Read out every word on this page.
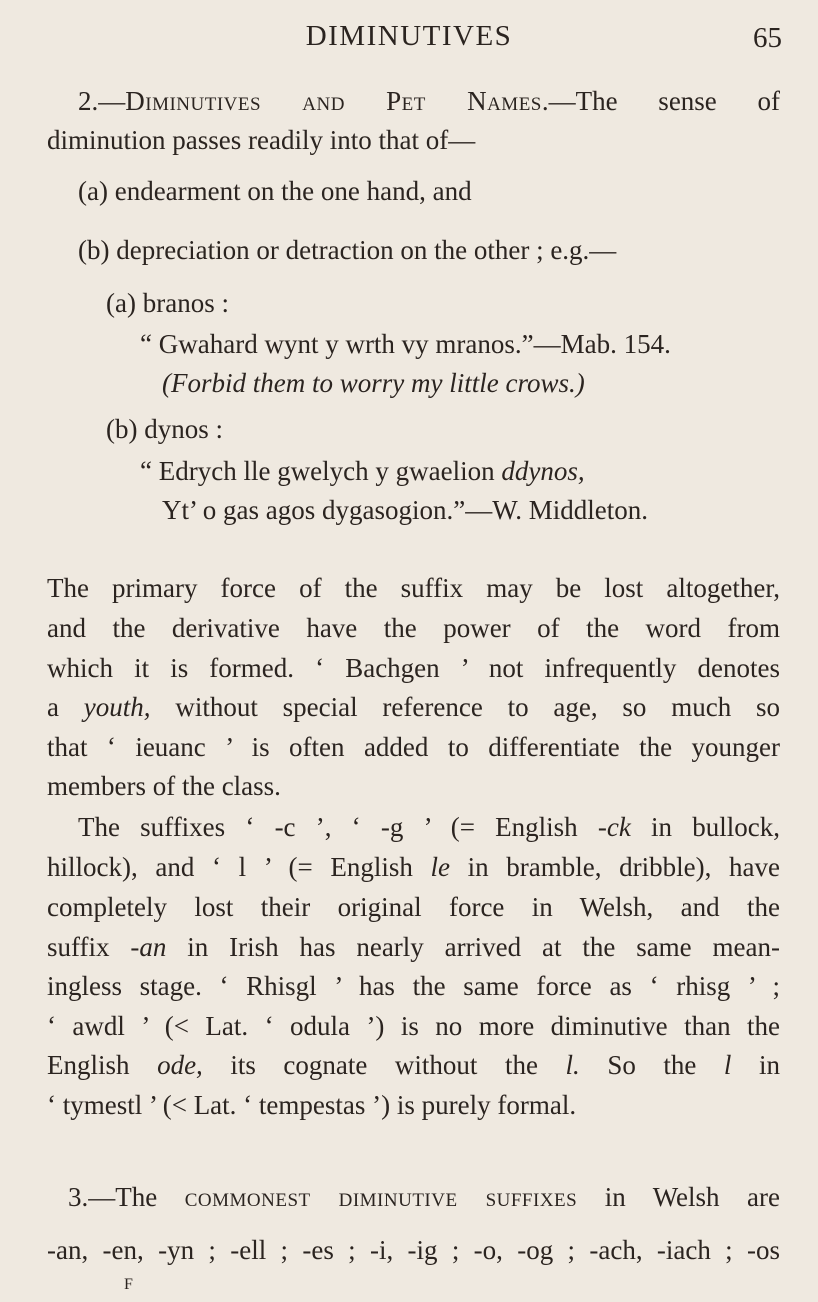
DIMINUTIVES	65
2.—Diminutives and Pet Names.—The sense of
diminution passes readily into that of—
(a) endearment on the one hand, and
(b) depreciation or detraction on the other ; e.g.—
(a) branos :
“ Gwahard wynt y wrth vy mranos.”—Mab. 154.
(Forbid them to worry my little crows.)
(b) dynos :
“ Edrych lle gwelych y gwaelion ddynos,
Yt’ o gas agos dygasogion.”—W. Middleton.
The primary force of the suffix may be lost altogether,
and the derivative have the power of the word from
which it is formed. ‘ Bachgen ’ not infrequently denotes
a youth, without special reference to age, so much so
that ‘ ieuanc ’ is often added to differentiate the younger
members of the class.
The suffixes ‘ -c ’, ‘ -g ’ (= English -ck in bullock,
hillock), and ‘ l ’ (= English le in bramble, dribble), have
completely lost their original force in Welsh, and the
suffix -an in Irish has nearly arrived at the same mean-
ingless stage. ‘ Rhisgl ’ has the same force as ‘ rhisg ’ ;
‘ awdl ’ (< Lat. ‘ odula ’) is no more diminutive than the
English ode, its cognate without the l. So the l in
‘ tymestl ’ (< Lat. ‘ tempestas ’) is purely formal.
3.—The commonest diminutive suffixes in Welsh are
-an, -en, -yn ; -ell ; -es ; -i, -ig ; -o, -og ; -ach, -iach ; -os
F
